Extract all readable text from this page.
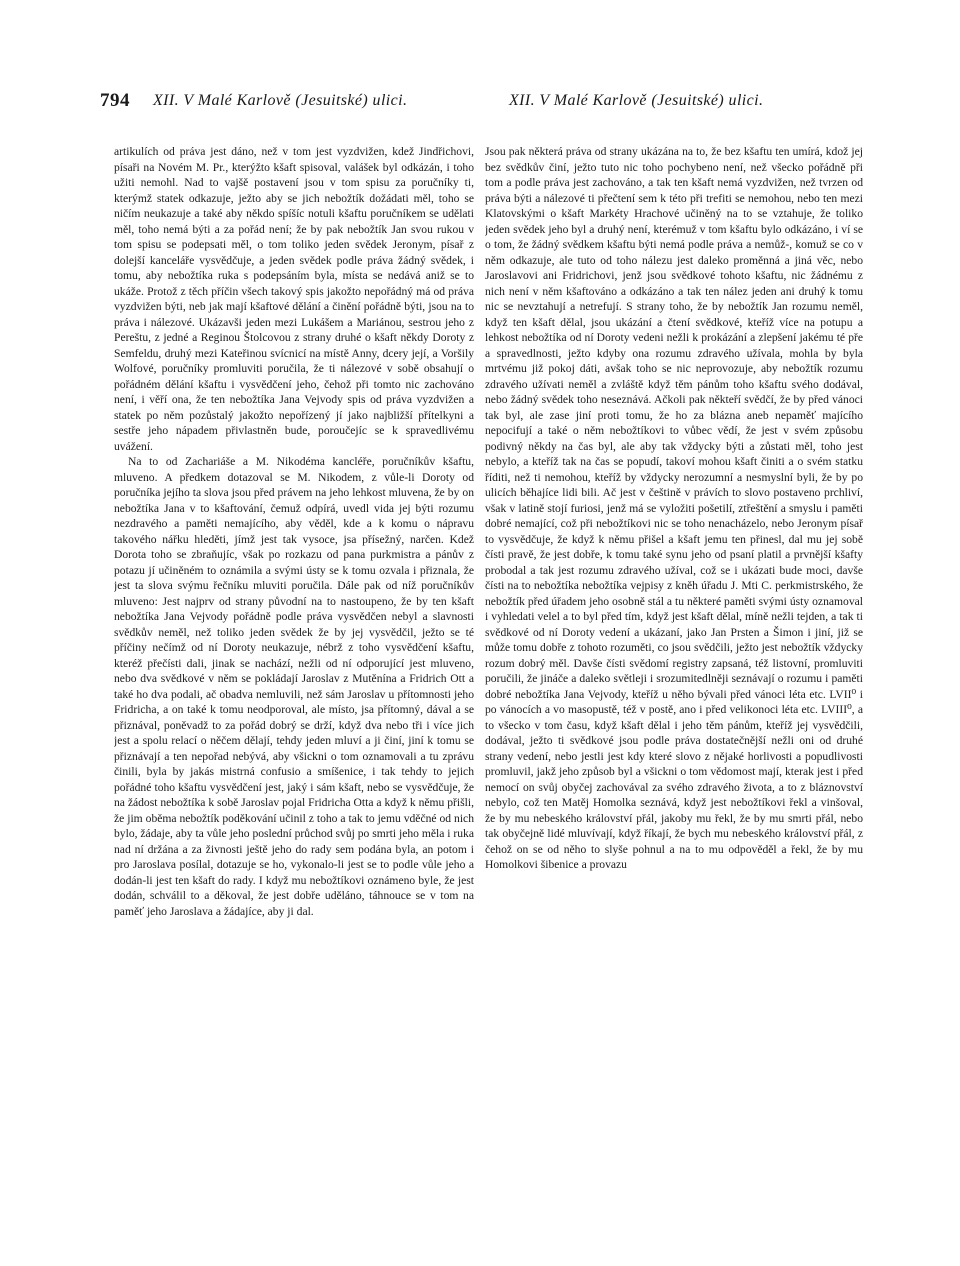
794 XII. V Malé Karlově (Jesuitské) ulici.	XII. V Malé Karlově (Jesuitské) ulici.

artikulích od práva jest dáno, než v tom jest vyzdvižen, kdež Jindřichovi, písaři na Novém M. Pr., kterýžto kšaft spisoval, valášek byl odkázán, i toho užiti nemohl. Nad to vajšě postavení jsou v tom spisu za poručníky ti, kterýmž statek odkazuje, ježto aby se jich nebožtík dožádati měl, toho se ničím neukazuje a také aby někdo spíšíc notuli kšaftu poručníkem se udělati měl, toho nemá býti a za pořád není; že by pak nebožtík Jan svou rukou v tom spisu se podepsati měl, o tom toliko jeden svědek Jeronym, písař z dolejší kanceláře vysvědčuje, a jeden svědek podle práva žádný svědek, i tomu, aby nebožtíka ruka s podepsáním byla, místa se nedává aniž se to ukáže. Protož z těch příčin všech takový spis jakožto nepořádný má od práva vyzdvižen býti, neb jak mají kšaftové dělání a činění pořádně býti, jsou na to práva i nálezové. Ukázavši jeden mezi Lukášem a Mariánou, sestrou jeho z Pereštu, z jedné a Reginou Štolcovou z strany druhé o kšaft někdy Doroty z Semfeldu, druhý mezi Kateřinou svícnicí na místě Anny, dcery její, a Voršily Wolfové, poručníky promluviti poručila, že ti nálezové v sobě obsahují o pořádném dělání kšaftu i vysvědčení jeho, čehož při tomto nic zachováno není, i věří ona, že ten nebožtíka Jana Vejvody spis od práva vyzdvižen a statek po něm pozůstalý jakožto nepořízený jí jako najbližší přítelkyni a sestře jeho nápadem přivlastněn bude, poroučejíc se k spravedlivému uvážení.

Na to od Zachariáše a M. Nikodéma kancléře, poručníkův kšaftu, mluveno. A předkem dotazoval se M. Nikodem, z vůle-li Doroty od poručníka jejího ta slova jsou před právem na jeho lehkost mluvena, že by on nebožtíka Jana v to kšaftování, čemuž odpírá, uvedl vida jej býti rozumu nezdravého a paměti nemajícího, aby věděl, kde a k komu o nápravu takového nářku hleděti, jímž jest tak vysoce, jsa přísežný, narčen. Kdež Dorota toho se zbraňujíc, však po rozkazu od pana purkmistra a pánův z potazu jí učiněném to oznámila a svými ústy se k tomu ozvala i přiznala, že jest ta slova svýmu řečníku mluviti poručila. Dále pak od níž poručníkův mluveno: Jest najprv od strany původní na to nastoupeno, že by ten kšaft nebožtíka Jana Vejvody pořádně podle práva vysvědčen nebyl a slavnosti svědkův neměl, než toliko jeden svědek že by jej vysvědčil, ježto se té příčiny nečímž od ní Doroty neukazuje, nébrž z toho vysvědčení kšaftu, kteréž přečísti dali, jinak se nachází, nežli od ní odporující jest mluveno, nebo dva svědkové v něm se pokládají Jaroslav z Mutěnína a Fridrich Ott a také ho dva podali, ač obadva nemluvili, než sám Jaroslav u přítomnosti jeho Fridricha, a on také k tomu neodporoval, ale místo, jsa přítomný, dával a se přiznával, poněvadž to za pořád dobrý se drží, když dva nebo tři i více jich jest a spolu relací o něčem dělají, tehdy jeden mluví a ji činí, jiní k tomu se přiznávají a ten nepořad nebývá, aby všickni o tom oznamovali a tu zprávu činili, byla by jakás mistrná confusio a smíšenice, i tak tehdy to jejich pořádné toho kšaftu vysvědčení jest, jaký i sám kšaft, nebo se vysvědčuje, že na žádost nebožtíka k sobě Jaroslav pojal Fridricha Otta a když k němu přišli, že jim oběma nebožtík poděkování učinil z toho a tak to jemu vděčné od nich bylo, žádaje, aby ta vůle jeho poslední průchod svůj po smrti jeho měla i ruka nad ní držána a za živnosti ještě jeho do rady sem podána byla, an potom i pro Jaroslava posílal, dotazuje se ho, vykonalo-li jest se to podle vůle jeho a dodán-li jest ten kšaft do rady. I když mu nebožtíkovi oznámeno byle, že jest dodán, schválil to a děkoval, že jest dobře uděláno, táhnouce se v tom na paměť jeho Jaroslava a žádajíce, aby ji dal.

Jsou pak některá práva od strany ukázána na to, že bez kšaftu ten umírá, kdož jej bez svědkův činí, ježto tuto nic toho pochybeno není, než všecko pořádně při tom a podle práva jest zachováno, a tak ten kšaft nemá vyzdvižen, než tvrzen od práva býti a nálezové ti přečtení sem k této při trefiti se nemohou, nebo ten mezi Klatovskými o kšaft Markéty Hrachové učiněný na to se vztahuje, že toliko jeden svědek jeho byl a druhý není, kterémuž v tom kšaftu bylo odkázáno, i ví se o tom, že žádný svědkem kšaftu býti nemá podle práva a nemůž-, komuž se co v něm odkazuje, ale tuto od toho nálezu jest dalekо proměnná a jiná věc, nebo Jaroslavovi ani Fridrichovi, jenž jsou svědkové tohoto kšaftu, nic žádnému z nich není v něm kšaftováno a odkázáno a tak ten nález jeden ani druhý k tomu nic se nevztahují a netrefují. S strany toho, že by nebožtík Jan rozumu neměl, když ten kšaft dělal, jsou ukázání a čtení svědkové, kteříž více na potupu a lehkost nebožtíka od ní Doroty vedeni nežli k prokázání a zlepšení jakému té pře a spravedlnosti, ježto kdyby ona rozumu zdravého užívala, mohla by byla mrtvému již pokoj dáti, avšak toho se nic neprovozuje, aby nebožtík rozumu zdravého užívati neměl a zvláště když těm pánům toho kšaftu svého dodával, nebo žádný svědek toho neseznává. Ačkoli pak někteří svědčí, že by před vánoci tak byl, ale zase jiní proti tomu, že ho za blázna aneb nepaměť majícího nepocifují a také o něm nebožtíkovi to vůbec vědí, že jest v svém způsobu podivný někdy na čas byl, ale aby tak vždycky býti a zůstati měl, toho jest nebylo, a kteříž tak na čas se popudí, takoví mohou kšaft činiti a o svém statku říditi, než ti nemohou, kteříž by vždycky nerozumní a nesmyslní byli, že by po ulicích běhajíce lidi bili. Ač jest v češtině v právích to slovo postaveno prchliví, však v latině stojí furiosi, jenž má se vyložiti pošetilí, ztřeštění a smyslu i paměti dobré nemající, což při nebožtíkovi nic se toho nenacházelo, nebo Jeronym písař to vysvědčuje, že když k němu přišel a kšaft jemu ten přinesl, dal mu jej sobě čísti pravě, že jest dobře, k tomu také synu jeho od psaní platil a prvnější kšafty probodal a tak jest rozumu zdravého užíval, což se i ukázati bude moci, davše čísti na to nebožtíka nebožtíka vejpisy z kněh úřadu J. Mti C. perkmistrského, že nebožtík před úřadem jeho osobně stál a tu některé paměti svými ústy oznamoval i vyhledati velel a to byl před tím, když jest kšaft dělal, míně nežli tejden, a tak ti svědkové od ní Doroty vedení a ukázaní, jako Jan Prsten a Šimon i jiní, již se může tomu dobře z tohoto rozuměti, co jsou svědčili, ježto jest nebožtík vždycky rozum dobrý měl. Davše čísti svědomí registry zapsaná, též listovní, promluviti poručili, že jináče a daleko světleji i srozumitedlněji seznávají o rozumu i paměti dobré nebožtíka Jana Vejvody, kteříž u něho bývali před vánoci léta etc. LVII⁰ i po vánocích a vo masopustě, též v postě, ano i před velikonoci léta etc. LVIII⁰, a to všecko v tom času, když kšaft dělal i jeho těm pánům, kteříž jej vysvědčili, dodával, ježto ti svědkové jsou podle práva dostatečnější nežli oni od druhé strany vedení, nebo jestli jest kdy které slovo z nějaké horlivosti a popudlivosti promluvil, jakž jeho způsob byl a všickni o tom vědomost mají, kterak jest i před nemocí on svůj obyčej zachovával za svého zdravého života, a to z bláznovství nebylo, což ten Matěj Homolka seznává, když jest nebožtíkovi řekl a vinšoval, že by mu nebeského království přál, jakoby mu řekl, že by mu smrti přál, nebo tak obyčejně lidé mluvívají, když říkají, že bych mu nebeského království přál, z čehož on se od něho to slyše pohnul a na to mu odpověděl a řekl, že by mu Homolkovi šibenice a provazu
